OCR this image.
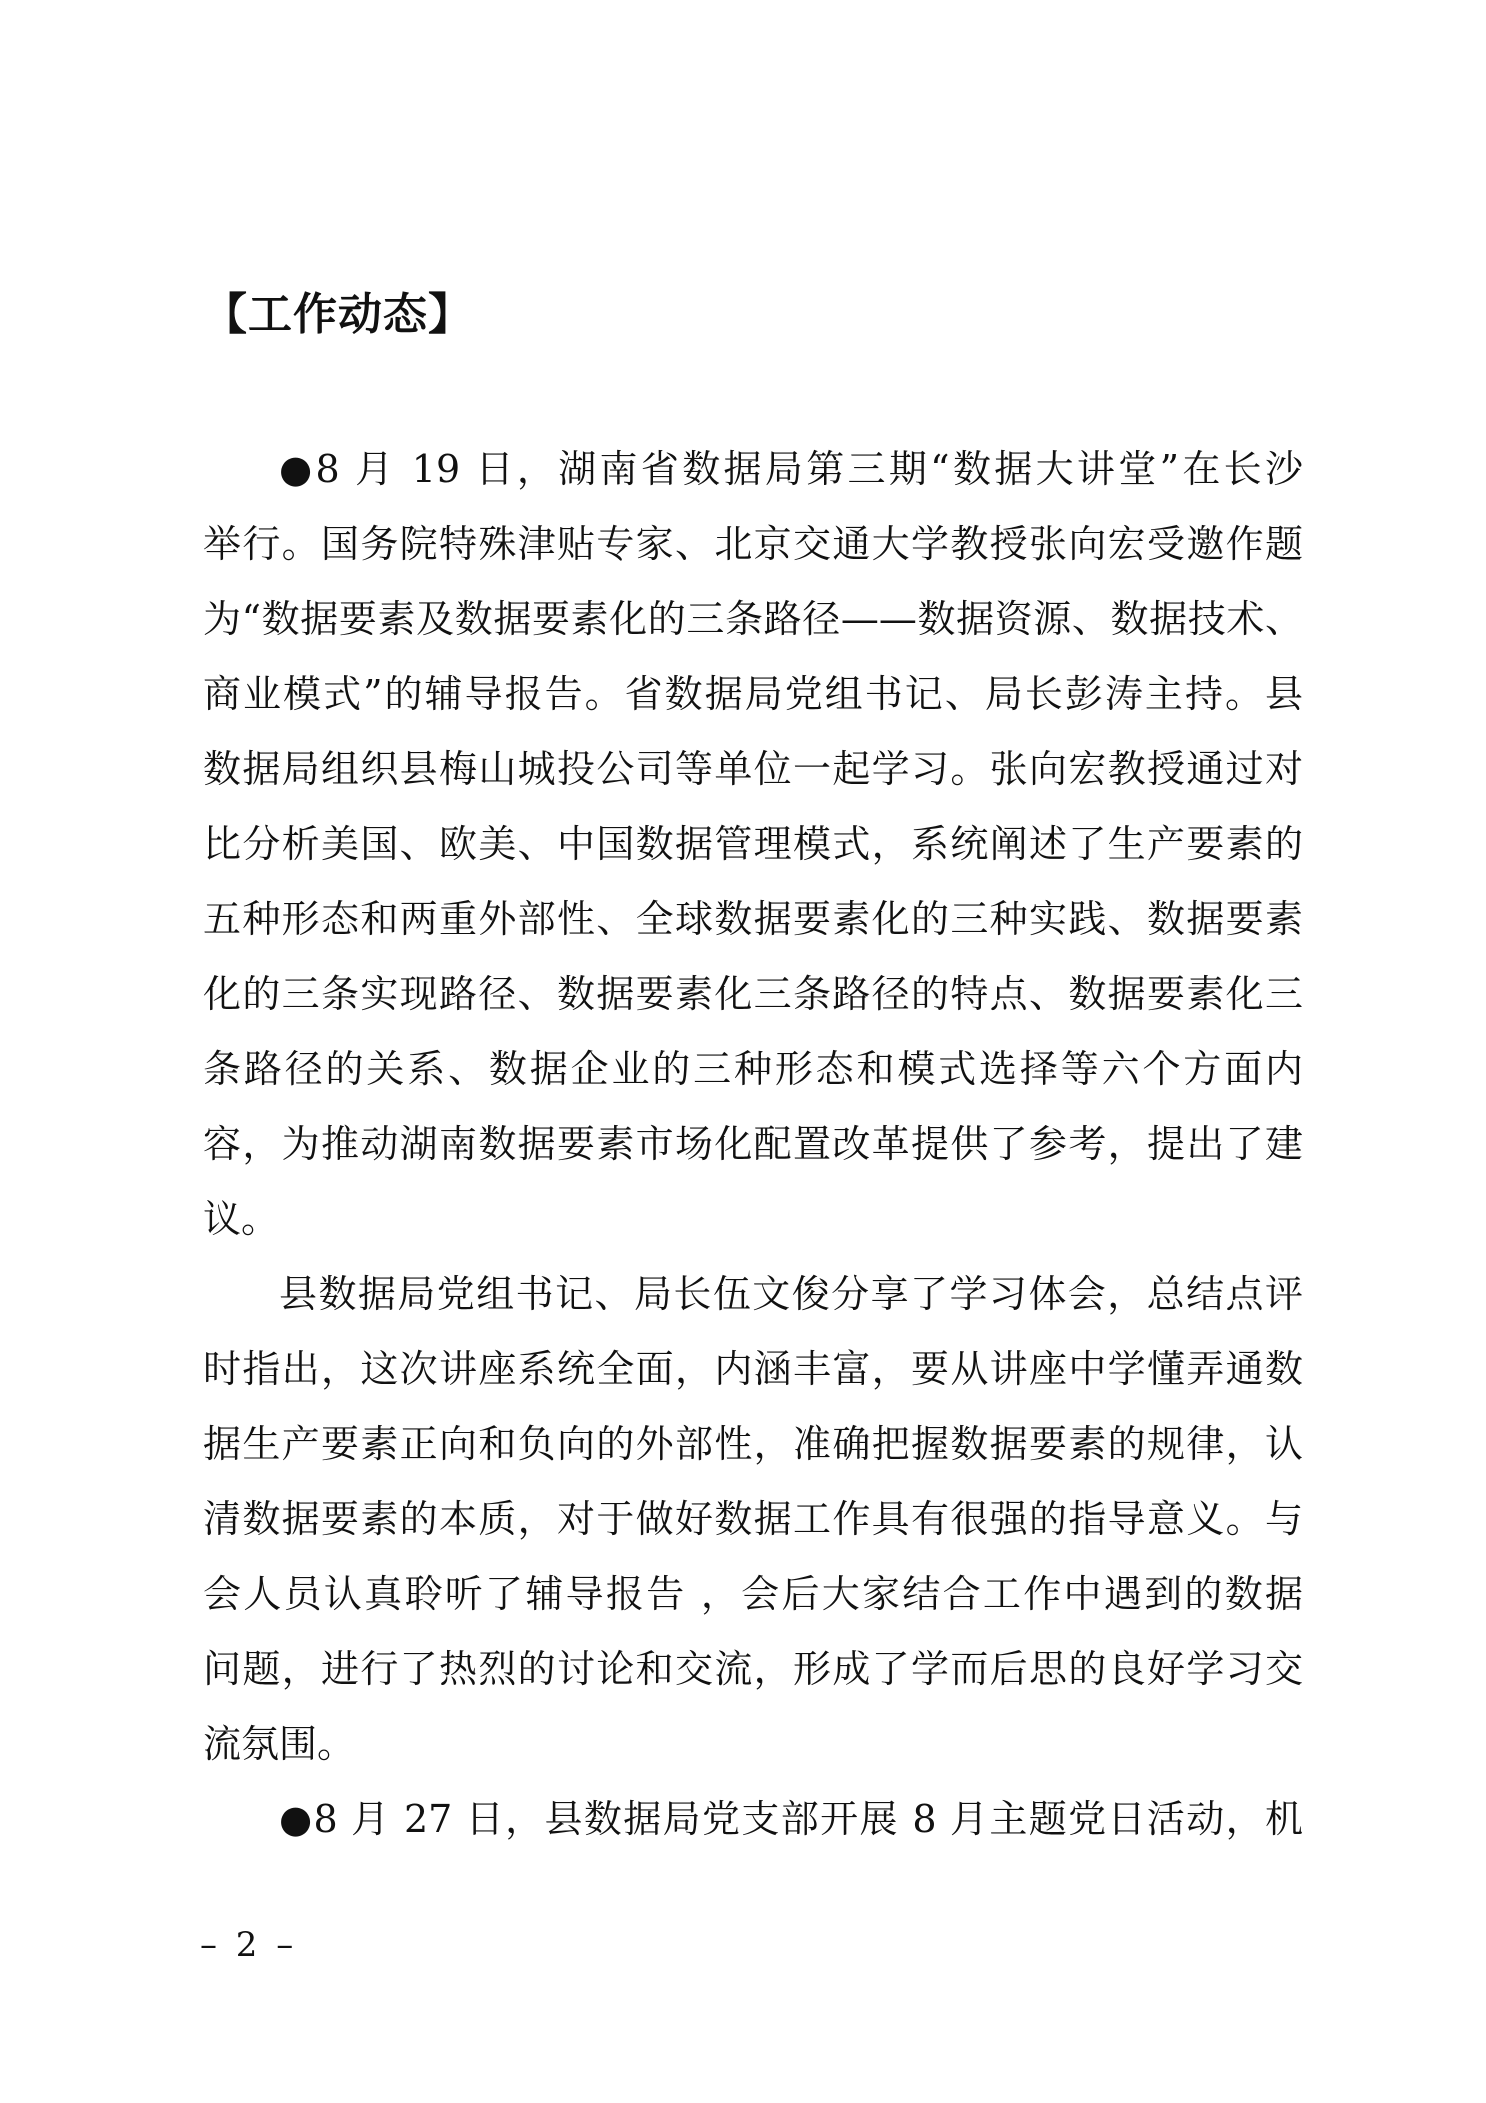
【工作动态】
●8 月 19 日，湖南省数据局第三期“数据大讲堂”在长沙
举行。国务院特殊津贴专家、北京交通大学教授张向宏受邀作题
为“数据要素及数据要素化的三条路径——数据资源、数据技术、
商业模式”的辅导报告。省数据局党组书记、局长彭涛主持。县
数据局组织县梅山城投公司等单位一起学习。张向宏教授通过对
比分析美国、欧美、中国数据管理模式，系统阐述了生产要素的
五种形态和两重外部性、全球数据要素化的三种实践、数据要素
化的三条实现路径、数据要素化三条路径的特点、数据要素化三
条路径的关系、数据企业的三种形态和模式选择等六个方面内
容，为推动湖南数据要素市场化配置改革提供了参考，提出了建
议。
县数据局党组书记、局长伍文俊分享了学习体会，总结点评
时指出，这次讲座系统全面，内涵丰富，要从讲座中学懂弄通数
据生产要素正向和负向的外部性，准确把握数据要素的规律，认
清数据要素的本质，对于做好数据工作具有很强的指导意义。与
会人员认真聆听了辅导报告 ，会后大家结合工作中遇到的数据
问题，进行了热烈的讨论和交流，形成了学而后思的良好学习交
流氛围。
●8 月 27 日，县数据局党支部开展 8 月主题党日活动，机
– 2 –
